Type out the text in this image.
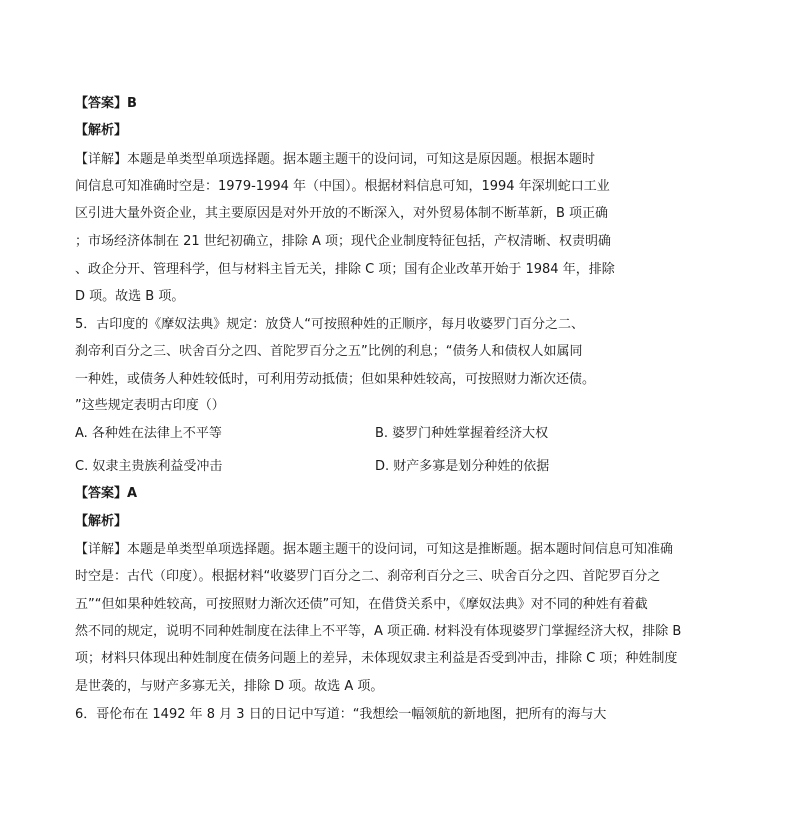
【答案】B
【解析】
【详解】本题是单类型单项选择题。据本题主题干的设问词，可知这是原因题。根据本题时
间信息可知准确时空是：1979-1994 年（中国）。根据材料信息可知，1994 年深圳蛇口工业
区引进大量外资企业，其主要原因是对外开放的不断深入，对外贸易体制不断革新，B 项正确
；市场经济体制在 21 世纪初确立，排除 A 项；现代企业制度特征包括，产权清晰、权责明确
、政企分开、管理科学，但与材料主旨无关，排除 C 项；国有企业改革开始于 1984 年，排除
D 项。故选 B 项。
5．古印度的《摩奴法典》规定：放贷人“可按照种姓的正顺序，每月收婆罗门百分之二、
刹帝利百分之三、吠舍百分之四、首陀罗百分之五”比例的利息；“债务人和债权人如属同
一种姓，或债务人种姓较低时，可利用劳动抵债；但如果种姓较高，可按照财力渐次还债。
”这些规定表明古印度（）
A. 各种姓在法律上不平等	B. 婆罗门种姓掌握着经济大权
C. 奴隶主贵族利益受冲击	D. 财产多寡是划分种姓的依据
【答案】A
【解析】
【详解】本题是单类型单项选择题。据本题主题干的设问词，可知这是推断题。据本题时间信息可知准确
时空是：古代（印度）。根据材料“收婆罗门百分之二、刹帝利百分之三、吠舍百分之四、首陀罗百分之
五”“但如果种姓较高，可按照财力渐次还债”可知，在借贷关系中，《摩奴法典》对不同的种姓有着截
然不同的规定，说明不同种姓制度在法律上不平等，A 项正确. 材料没有体现婆罗门掌握经济大权，排除 B
项；材料只体现出种姓制度在债务问题上的差异，未体现奴隶主利益是否受到冲击，排除 C 项；种姓制度
是世袭的，与财产多寡无关，排除 D 项。故选 A 项。
6．哥伦布在 1492 年 8 月 3 日的日记中写道：“我想绘一幅领航的新地图，把所有的海与大
